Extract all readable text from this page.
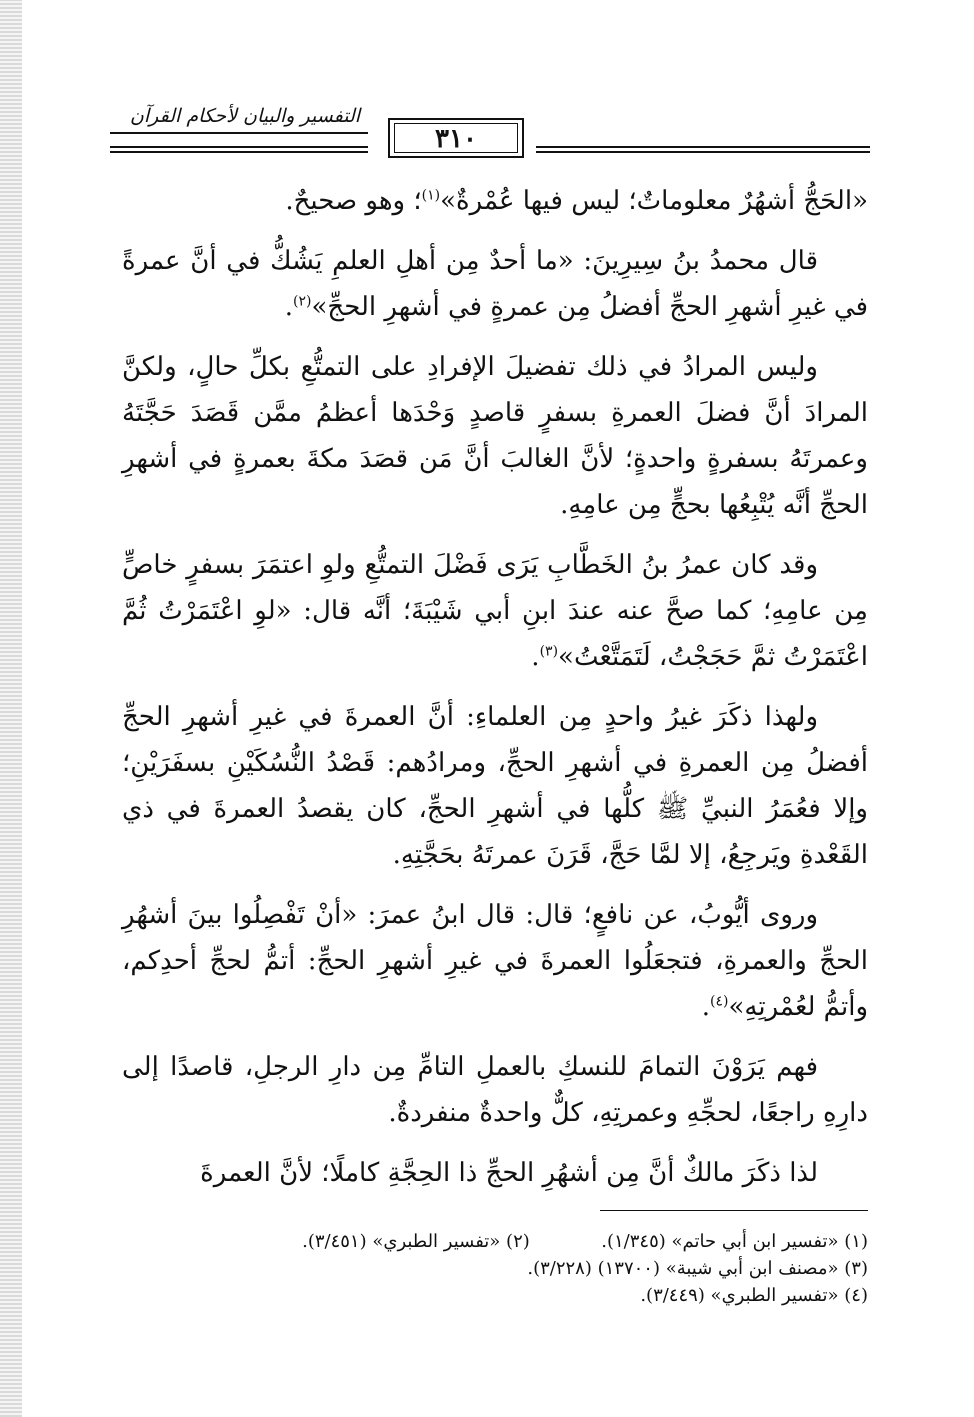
التفسير والبيان لأحكام القرآن
٣١٠

«الحَجُّ أشهُرٌ معلوماتٌ؛ ليس فيها عُمْرةٌ»$^{(١)}$؛ وهو صحيحٌ.

قال محمدُ بنُ سِيرِينَ: «ما أحدٌ مِن أهلِ العلمِ يَشُكُّ في أنَّ عمرةً في غيرِ أشهرِ الحجِّ أفضلُ مِن عمرةٍ في أشهرِ الحجِّ»$^{(٢)}$.

وليس المرادُ في ذلك تفضيلَ الإفرادِ على التمتُّعِ بكلِّ حالٍ، ولكنَّ المرادَ أنَّ فضلَ العمرةِ بسفرٍ قاصدٍ وَحْدَها أعظمُ ممَّن قَصَدَ حَجَّتَهُ وعمرتَهُ بسفرةٍ واحدةٍ؛ لأنَّ الغالبَ أنَّ مَن قصَدَ مكةَ بعمرةٍ في أشهرِ الحجِّ أنَّه يُتْبِعُها بحجٍّ مِن عامِهِ.

وقد كان عمرُ بنُ الخَطَّابِ يَرَى فَضْلَ التمتُّعِ ولوِ اعتمَرَ بسفرٍ خاصٍّ مِن عامِهِ؛ كما صحَّ عنه عندَ ابنِ أبي شَيْبَةَ؛ أنَّه قال: «لوِ اعْتَمَرْتُ ثُمَّ اعْتَمَرْتُ ثمَّ حَجَجْتُ، لَتَمَتَّعْتُ»$^{(٣)}$.

ولهذا ذكَرَ غيرُ واحدٍ مِن العلماءِ: أنَّ العمرةَ في غيرِ أشهرِ الحجِّ أفضلُ مِن العمرةِ في أشهرِ الحجِّ، ومرادُهم: قَصْدُ النُّسُكَيْنِ بسفَرَيْنِ؛ وإلا فعُمَرُ النبيِّ ﷺ كلُّها في أشهرِ الحجِّ، كان يقصدُ العمرةَ في ذي القَعْدةِ ويَرجِعُ، إلا لمَّا حَجَّ، قَرَنَ عمرتَهُ بحَجَّتِهِ.

وروى أيُّوبُ، عن نافعٍ؛ قال: قال ابنُ عمرَ: «أنْ تَفْصِلُوا بينَ أشهُرِ الحجِّ والعمرةِ، فتجعَلُوا العمرةَ في غيرِ أشهرِ الحجِّ: أتمُّ لحجِّ أحدِكم، وأتمُّ لعُمْرتِهِ»$^{(٤)}$.

فهم يَرَوْنَ التمامَ للنسكِ بالعملِ التامِّ مِن دارِ الرجلِ، قاصدًا إلى دارِهِ راجعًا، لحجِّهِ وعمرتِهِ، كلٌّ واحدةٌ منفردةٌ.

لذا ذكَرَ مالكٌ أنَّ مِن أشهُرِ الحجِّ ذا الحِجَّةِ كاملًا؛ لأنَّ العمرةَ

(١) «تفسير ابن أبي حاتم» (١/٣٤٥).  (٢) «تفسير الطبري» (٣/٤٥١).
(٣) «مصنف ابن أبي شيبة» (١٣٧٠٠) (٣/٢٢٨).
(٤) «تفسير الطبري» (٣/٤٤٩).
